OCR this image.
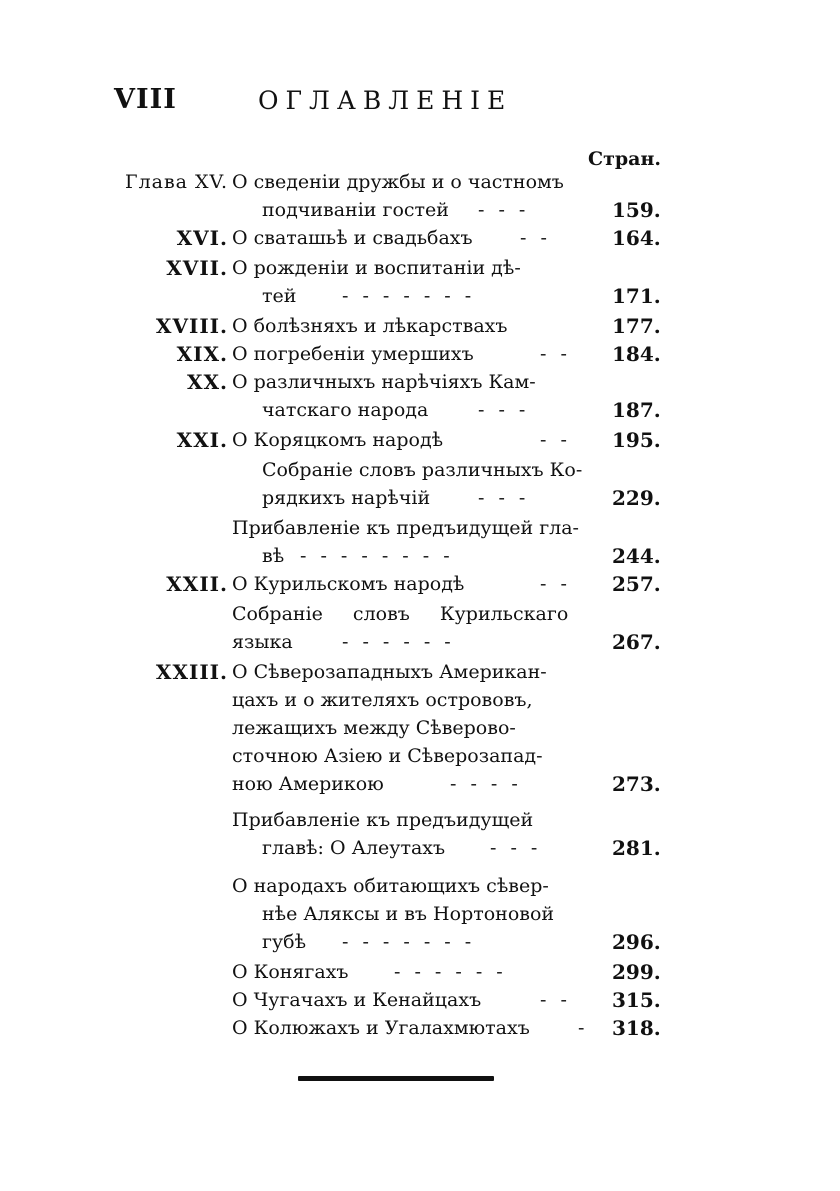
VIII	ОГЛАВЛЕНІЕ
Стран.
Глава XV. О сведеніи дружбы и о частномъ
подчиваніи гостей - - -	159.
XVI. О сваташьѣ и свадьбахъ - -	164.
XVII. О рожденіи и воспитаніи дѣ-
тей - - - - - - -	171.
XVIII. О болѣзняхъ и лѣкарствахъ	177.
XIX. О погребеніи умершихъ	- - 184.
XX. О различныхъ нарѣчіяхъ Кам-
чатскаго народа	- - -	187.
XXI. О Коряцкомъ народѣ	- - 195.
Собраніе словъ различныхъ Ко-
рядкихъ нарѣчій	- - -	229.
Прибавленіе къ предъидущей гла-
вѣ - - - - - - - -	244.
XXII. О Курильскомъ народѣ	- - 257.
Собраніе словъ Курильскаго
языка	- - - - - -	267.
XXIII. О Сѣверозападныхъ Американ-
цахъ и о жителяхъ острововъ,
лежащихъ между Сѣверово-
сточною Азіею и Сѣверозапад-
ною Америкою	- - - -	273.
Прибавленіе къ предъидущей
главѣ: О Алеутахъ - - -	281.
О народахъ обитающихъ сѣвер-
нѣе Аляксы и въ Нортоновой
губѣ - - - - - - -	296.
О Конягахъ - - - - - -	299.
О Чугачахъ и Кенайцахъ	- - 315.
О Колюжахъ и Угалахмютахъ	- 318.
